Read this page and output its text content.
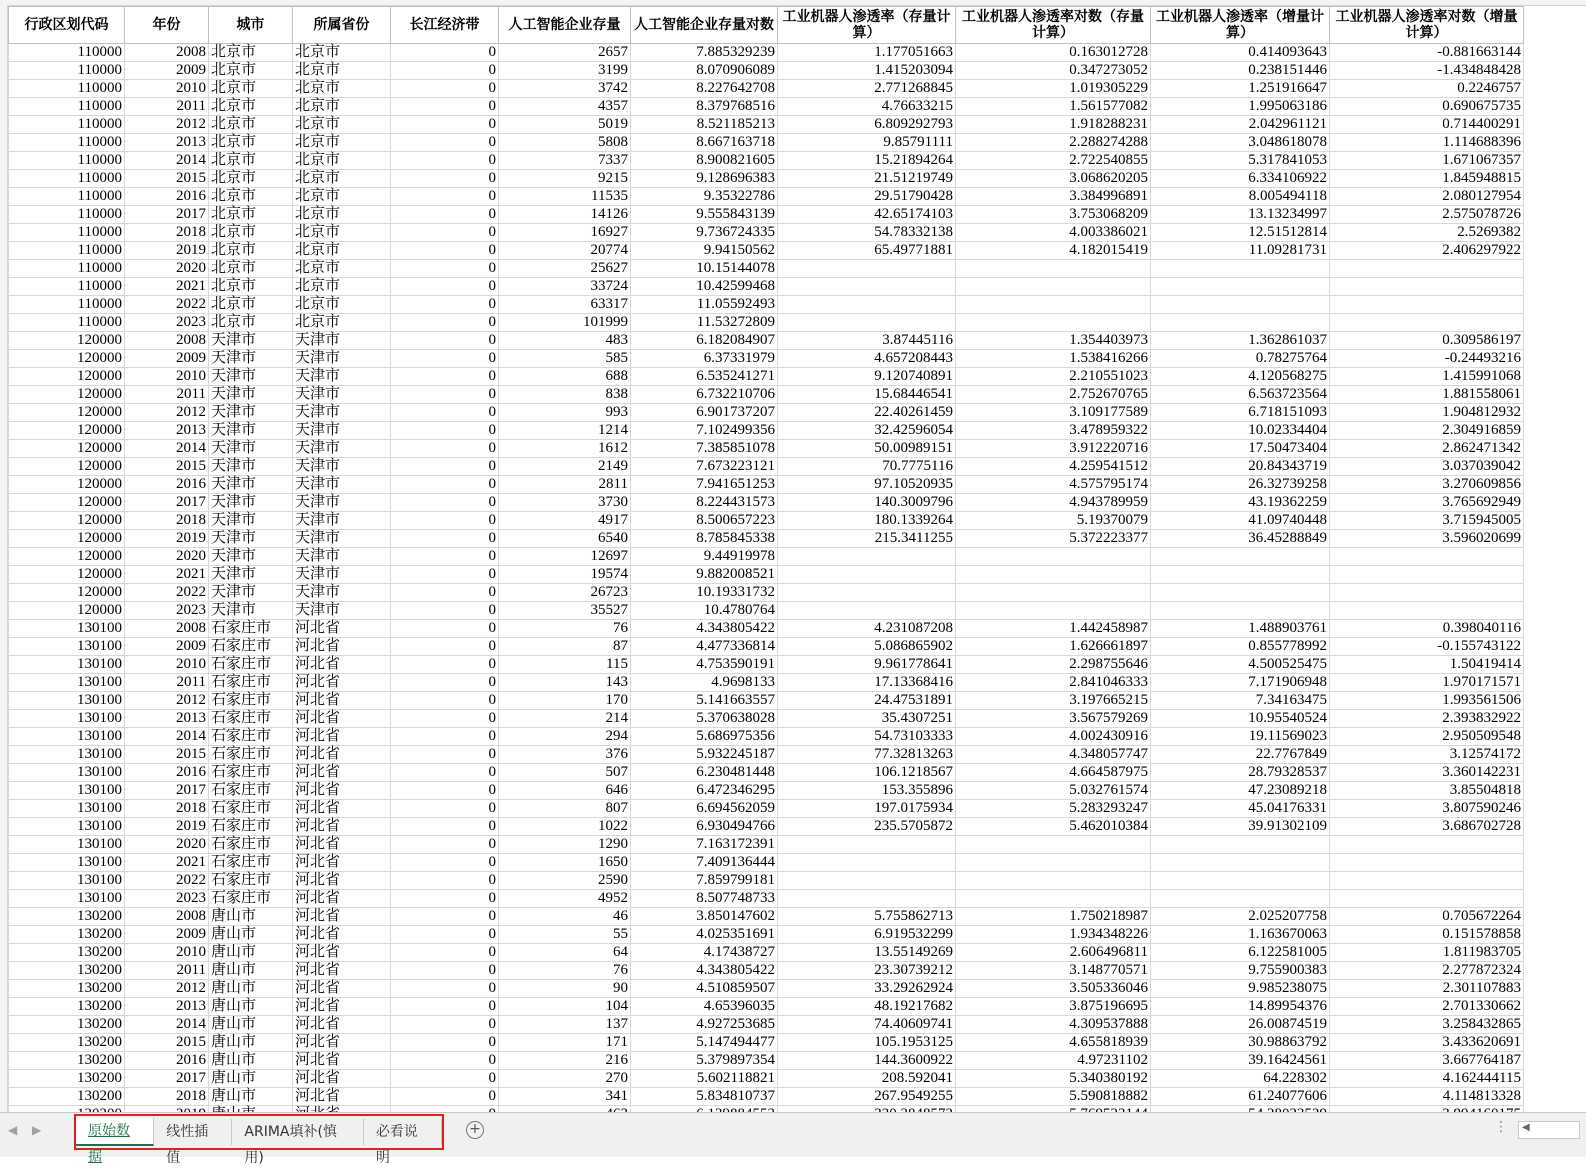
行政区划代码	年份	城市	所属省份	长江经济带	人工智能企业存量	人工智能企业存量对数	工业机器人渗透率（存量计算）	工业机器人渗透率对数（存量计算）	工业机器人渗透率（增量计算）	工业机器人渗透率对数（增量计算）
110000	2008	北京市	北京市	0	2657	7.885329239	1.177051663	0.163012728	0.414093643	-0.881663144
110000	2009	北京市	北京市	0	3199	8.070906089	1.415203094	0.347273052	0.238151446	-1.434848428
110000	2010	北京市	北京市	0	3742	8.227642708	2.771268845	1.019305229	1.251916647	0.2246757
110000	2011	北京市	北京市	0	4357	8.379768516	4.76633215	1.561577082	1.995063186	0.690675735
110000	2012	北京市	北京市	0	5019	8.521185213	6.809292793	1.918288231	2.042961121	0.714400291
110000	2013	北京市	北京市	0	5808	8.667163718	9.85791111	2.288274288	3.048618078	1.114688396
110000	2014	北京市	北京市	0	7337	8.900821605	15.21894264	2.722540855	5.317841053	1.671067357
110000	2015	北京市	北京市	0	9215	9.128696383	21.51219749	3.068620205	6.334106922	1.845948815
110000	2016	北京市	北京市	0	11535	9.35322786	29.51790428	3.384996891	8.005494118	2.080127954
110000	2017	北京市	北京市	0	14126	9.555843139	42.65174103	3.753068209	13.13234997	2.575078726
110000	2018	北京市	北京市	0	16927	9.736724335	54.78332138	4.003386021	12.51512814	2.5269382
110000	2019	北京市	北京市	0	20774	9.94150562	65.49771881	4.182015419	11.09281731	2.406297922
110000	2020	北京市	北京市	0	25627	10.15144078				
110000	2021	北京市	北京市	0	33724	10.42599468				
110000	2022	北京市	北京市	0	63317	11.05592493				
110000	2023	北京市	北京市	0	101999	11.53272809				
120000	2008	天津市	天津市	0	483	6.182084907	3.87445116	1.354403973	1.362861037	0.309586197
120000	2009	天津市	天津市	0	585	6.37331979	4.657208443	1.538416266	0.78275764	-0.24493216
120000	2010	天津市	天津市	0	688	6.535241271	9.120740891	2.210551023	4.120568275	1.415991068
120000	2011	天津市	天津市	0	838	6.732210706	15.68446541	2.752670765	6.563723564	1.881558061
120000	2012	天津市	天津市	0	993	6.901737207	22.40261459	3.109177589	6.718151093	1.904812932
120000	2013	天津市	天津市	0	1214	7.102499356	32.42596054	3.478959322	10.02334404	2.304916859
120000	2014	天津市	天津市	0	1612	7.385851078	50.00989151	3.912220716	17.50473404	2.862471342
120000	2015	天津市	天津市	0	2149	7.673223121	70.7775116	4.259541512	20.84343719	3.037039042
120000	2016	天津市	天津市	0	2811	7.941651253	97.10520935	4.575795174	26.32739258	3.270609856
120000	2017	天津市	天津市	0	3730	8.224431573	140.3009796	4.943789959	43.19362259	3.765692949
120000	2018	天津市	天津市	0	4917	8.500657223	180.1339264	5.19370079	41.09740448	3.715945005
120000	2019	天津市	天津市	0	6540	8.785845338	215.3411255	5.372223377	36.45288849	3.596020699
120000	2020	天津市	天津市	0	12697	9.44919978				
120000	2021	天津市	天津市	0	19574	9.882008521				
120000	2022	天津市	天津市	0	26723	10.19331732				
120000	2023	天津市	天津市	0	35527	10.4780764				
130100	2008	石家庄市	河北省	0	76	4.343805422	4.231087208	1.442458987	1.488903761	0.398040116
130100	2009	石家庄市	河北省	0	87	4.477336814	5.086865902	1.626661897	0.855778992	-0.155743122
130100	2010	石家庄市	河北省	0	115	4.753590191	9.961778641	2.298755646	4.500525475	1.50419414
130100	2011	石家庄市	河北省	0	143	4.9698133	17.13368416	2.841046333	7.171906948	1.970171571
130100	2012	石家庄市	河北省	0	170	5.141663557	24.47531891	3.197665215	7.34163475	1.993561506
130100	2013	石家庄市	河北省	0	214	5.370638028	35.4307251	3.567579269	10.95540524	2.393832922
130100	2014	石家庄市	河北省	0	294	5.686975356	54.73103333	4.002430916	19.11569023	2.950509548
130100	2015	石家庄市	河北省	0	376	5.932245187	77.32813263	4.348057747	22.7767849	3.12574172
130100	2016	石家庄市	河北省	0	507	6.230481448	106.1218567	4.664587975	28.79328537	3.360142231
130100	2017	石家庄市	河北省	0	646	6.472346295	153.355896	5.032761574	47.23089218	3.85504818
130100	2018	石家庄市	河北省	0	807	6.694562059	197.0175934	5.283293247	45.04176331	3.807590246
130100	2019	石家庄市	河北省	0	1022	6.930494766	235.5705872	5.462010384	39.91302109	3.686702728
130100	2020	石家庄市	河北省	0	1290	7.163172391				
130100	2021	石家庄市	河北省	0	1650	7.409136444				
130100	2022	石家庄市	河北省	0	2590	7.859799181				
130100	2023	石家庄市	河北省	0	4952	8.507748733				
130200	2008	唐山市	河北省	0	46	3.850147602	5.755862713	1.750218987	2.025207758	0.705672264
130200	2009	唐山市	河北省	0	55	4.025351691	6.919532299	1.934348226	1.163670063	0.151578858
130200	2010	唐山市	河北省	0	64	4.17438727	13.55149269	2.606496811	6.122581005	1.811983705
130200	2011	唐山市	河北省	0	76	4.343805422	23.30739212	3.148770571	9.755900383	2.277872324
130200	2012	唐山市	河北省	0	90	4.510859507	33.29262924	3.505336046	9.985238075	2.301107883
130200	2013	唐山市	河北省	0	104	4.65396035	48.19217682	3.875196695	14.89954376	2.701330662
130200	2014	唐山市	河北省	0	137	4.927253685	74.40609741	4.309537888	26.00874519	3.258432865
130200	2015	唐山市	河北省	0	171	5.147494477	105.1953125	4.655818939	30.98863792	3.433620691
130200	2016	唐山市	河北省	0	216	5.379897354	144.3600922	4.97231102	39.16424561	3.667764187
130200	2017	唐山市	河北省	0	270	5.602118821	208.592041	5.340380192	64.228302	4.162444115
130200	2018	唐山市	河北省	0	341	5.834810737	267.9549255	5.590818882	61.24077606	4.114813328

◀ ▶	原始数据
线性插值
ARIMA填补(慎用)
必看说明
+	⋮ ◀
